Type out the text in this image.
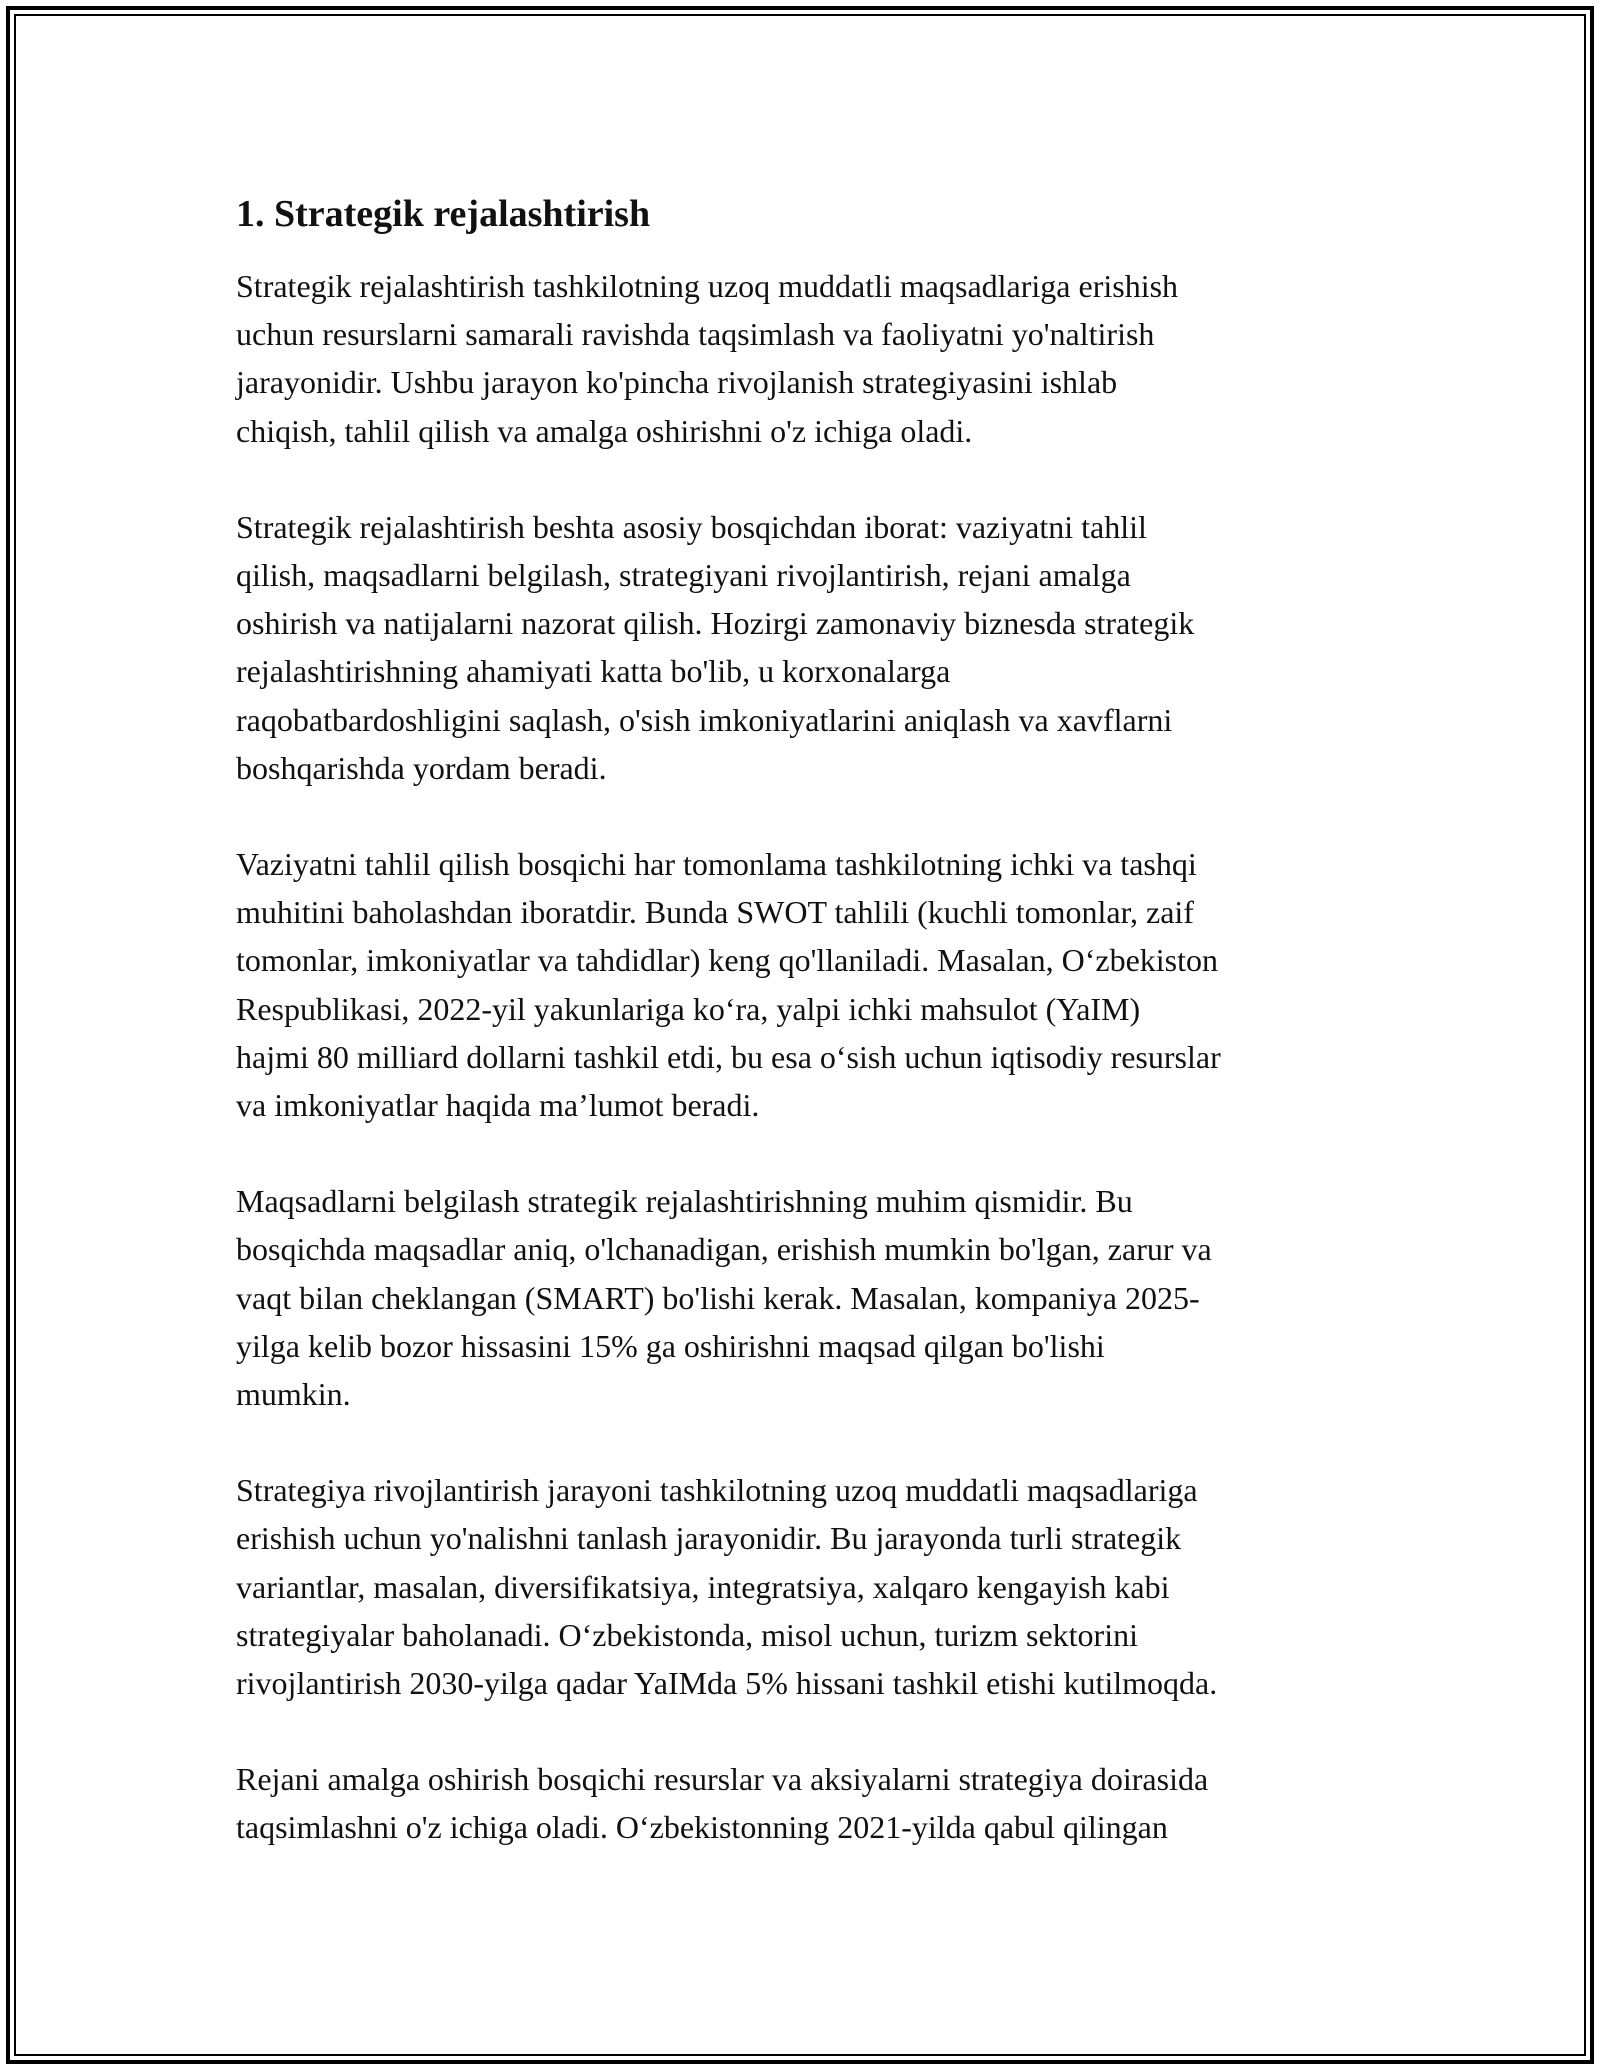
1. Strategik rejalashtirish

Strategik rejalashtirish tashkilotning uzoq muddatli maqsadlariga erishish
uchun resurslarni samarali ravishda taqsimlash va faoliyatni yo'naltirish
jarayonidir. Ushbu jarayon ko'pincha rivojlanish strategiyasini ishlab
chiqish, tahlil qilish va amalga oshirishni o'z ichiga oladi.

Strategik rejalashtirish beshta asosiy bosqichdan iborat: vaziyatni tahlil
qilish, maqsadlarni belgilash, strategiyani rivojlantirish, rejani amalga
oshirish va natijalarni nazorat qilish. Hozirgi zamonaviy biznesda strategik
rejalashtirishning ahamiyati katta bo'lib, u korxonalarga
raqobatbardoshligini saqlash, o'sish imkoniyatlarini aniqlash va xavflarni
boshqarishda yordam beradi.

Vaziyatni tahlil qilish bosqichi har tomonlama tashkilotning ichki va tashqi
muhitini baholashdan iboratdir. Bunda SWOT tahlili (kuchli tomonlar, zaif
tomonlar, imkoniyatlar va tahdidlar) keng qo'llaniladi. Masalan, O‘zbekiston
Respublikasi, 2022-yil yakunlariga ko‘ra, yalpi ichki mahsulot (YaIM)
hajmi 80 milliard dollarni tashkil etdi, bu esa o‘sish uchun iqtisodiy resurslar
va imkoniyatlar haqida ma’lumot beradi.

Maqsadlarni belgilash strategik rejalashtirishning muhim qismidir. Bu
bosqichda maqsadlar aniq, o'lchanadigan, erishish mumkin bo'lgan, zarur va
vaqt bilan cheklangan (SMART) bo'lishi kerak. Masalan, kompaniya 2025-
yilga kelib bozor hissasini 15% ga oshirishni maqsad qilgan bo'lishi
mumkin.

Strategiya rivojlantirish jarayoni tashkilotning uzoq muddatli maqsadlariga
erishish uchun yo'nalishni tanlash jarayonidir. Bu jarayonda turli strategik
variantlar, masalan, diversifikatsiya, integratsiya, xalqaro kengayish kabi
strategiyalar baholanadi. O‘zbekistonda, misol uchun, turizm sektorini
rivojlantirish 2030-yilga qadar YaIMda 5% hissani tashkil etishi kutilmoqda.

Rejani amalga oshirish bosqichi resurslar va aksiyalarni strategiya doirasida
taqsimlashni o'z ichiga oladi. O‘zbekistonning 2021-yilda qabul qilingan
